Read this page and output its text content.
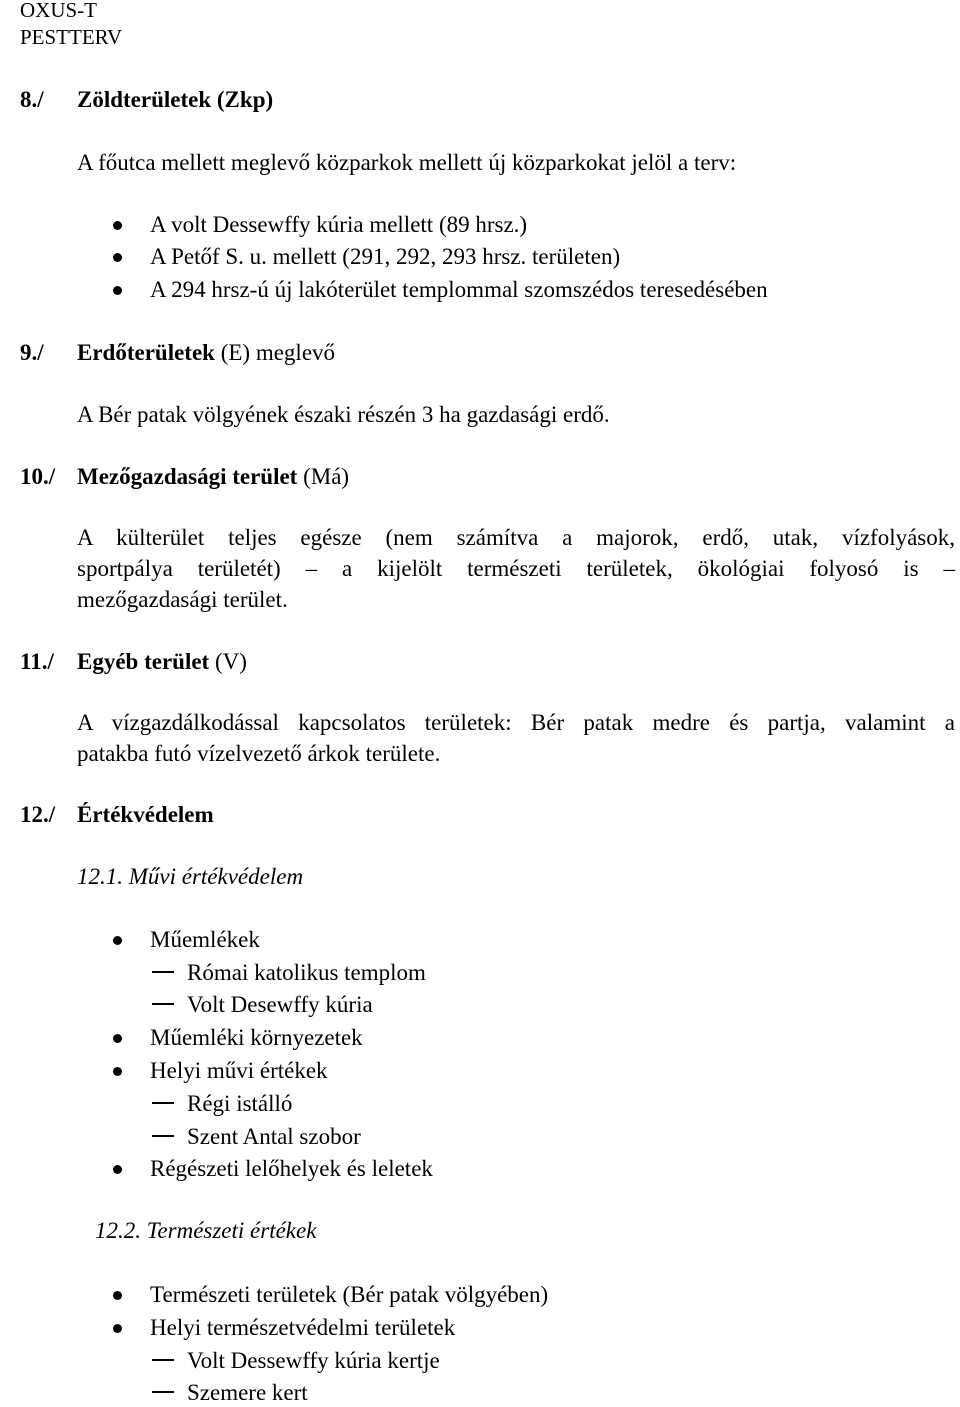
OXUS-T
PESTTERV
8./ Zöldterületek (Zkp)
A főutca mellett meglevő közparkok mellett új közparkokat jelöl a terv:
A volt Dessewffy kúria mellett (89 hrsz.)
A Petőf S. u. mellett (291, 292, 293 hrsz. területen)
A 294 hrsz-ú új lakóterület templommal szomszédos teresedésében
9./ Erdőterületek (E) meglevő
A Bér patak völgyének északi részén 3 ha gazdasági erdő.
10./ Mezőgazdasági terület (Má)
A külterület teljes egésze (nem számítva a majorok, erdő, utak, vízfolyások,
sportpálya területét) – a kijelölt természeti területek, ökológiai folyosó is –
mezőgazdasági terület.
11./ Egyéb terület (V)
A vízgazdálkodással kapcsolatos területek: Bér patak medre és partja, valamint a
patakba futó vízelvezető árkok területe.
12./ Értékvédelem
12.1. Művi értékvédelem
Műemlékek
Római katolikus templom
Volt Desewffy kúria
Műemléki környezetek
Helyi művi értékek
Régi istálló
Szent Antal szobor
Régészeti lelőhelyek és leletek
12.2. Természeti értékek
Természeti területek (Bér patak völgyében)
Helyi természetvédelmi területek
Volt Dessewffy kúria kertje
Szemere kert
